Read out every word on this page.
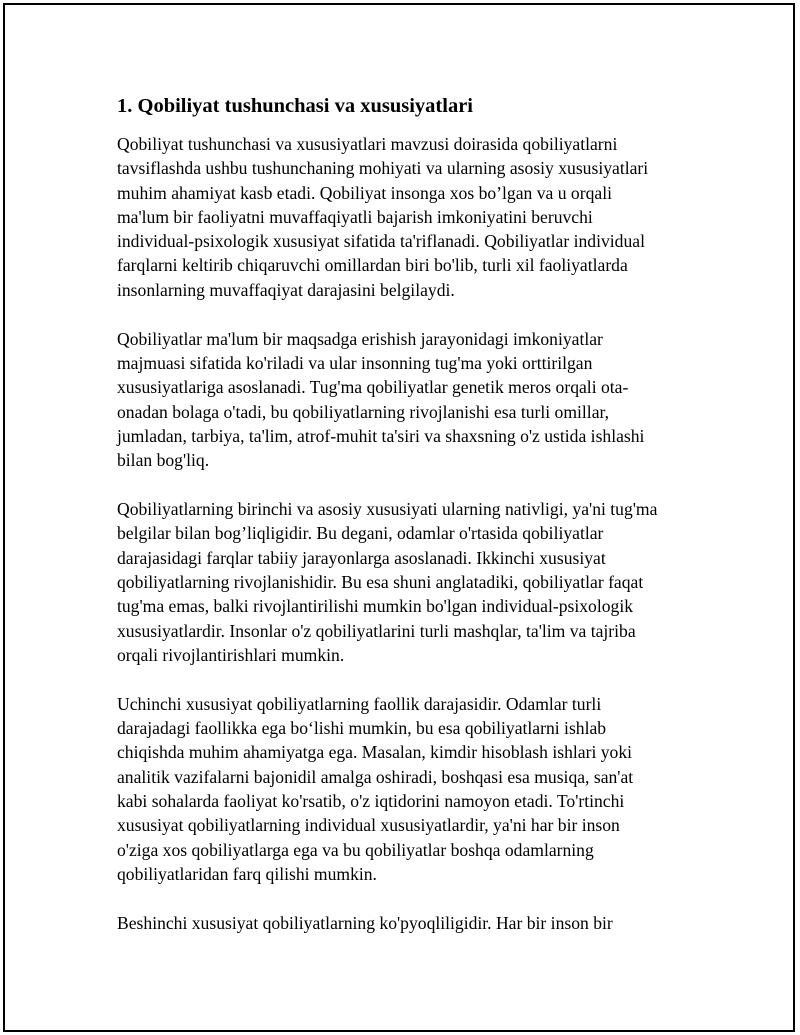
1. Qobiliyat tushunchasi va xususiyatlari
Qobiliyat tushunchasi va xususiyatlari mavzusi doirasida qobiliyatlarni
tavsiflashda ushbu tushunchaning mohiyati va ularning asosiy xususiyatlari
muhim ahamiyat kasb etadi. Qobiliyat insonga xos bo’lgan va u orqali
ma'lum bir faoliyatni muvaffaqiyatli bajarish imkoniyatini beruvchi
individual-psixologik xususiyat sifatida ta'riflanadi. Qobiliyatlar individual
farqlarni keltirib chiqaruvchi omillardan biri bo'lib, turli xil faoliyatlarda
insonlarning muvaffaqiyat darajasini belgilaydi.
Qobiliyatlar ma'lum bir maqsadga erishish jarayonidagi imkoniyatlar
majmuasi sifatida ko'riladi va ular insonning tug'ma yoki orttirilgan
xususiyatlariga asoslanadi. Tug'ma qobiliyatlar genetik meros orqali ota-
onadan bolaga o'tadi, bu qobiliyatlarning rivojlanishi esa turli omillar,
jumladan, tarbiya, ta'lim, atrof-muhit ta'siri va shaxsning o'z ustida ishlashi
bilan bog'liq.
Qobiliyatlarning birinchi va asosiy xususiyati ularning nativligi, ya'ni tug'ma
belgilar bilan bog’liqligidir. Bu degani, odamlar o'rtasida qobiliyatlar
darajasidagi farqlar tabiiy jarayonlarga asoslanadi. Ikkinchi xususiyat
qobiliyatlarning rivojlanishidir. Bu esa shuni anglatadiki, qobiliyatlar faqat
tug'ma emas, balki rivojlantirilishi mumkin bo'lgan individual-psixologik
xususiyatlardir. Insonlar o'z qobiliyatlarini turli mashqlar, ta'lim va tajriba
orqali rivojlantirishlari mumkin.
Uchinchi xususiyat qobiliyatlarning faollik darajasidir. Odamlar turli
darajadagi faollikka ega boʻlishi mumkin, bu esa qobiliyatlarni ishlab
chiqishda muhim ahamiyatga ega. Masalan, kimdir hisoblash ishlari yoki
analitik vazifalarni bajonidil amalga oshiradi, boshqasi esa musiqa, san'at
kabi sohalarda faoliyat ko'rsatib, o'z iqtidorini namoyon etadi. To'rtinchi
xususiyat qobiliyatlarning individual xususiyatlardir, ya'ni har bir inson
o'ziga xos qobiliyatlarga ega va bu qobiliyatlar boshqa odamlarning
qobiliyatlaridan farq qilishi mumkin.
Beshinchi xususiyat qobiliyatlarning ko'pyoqliligidir. Har bir inson bir
